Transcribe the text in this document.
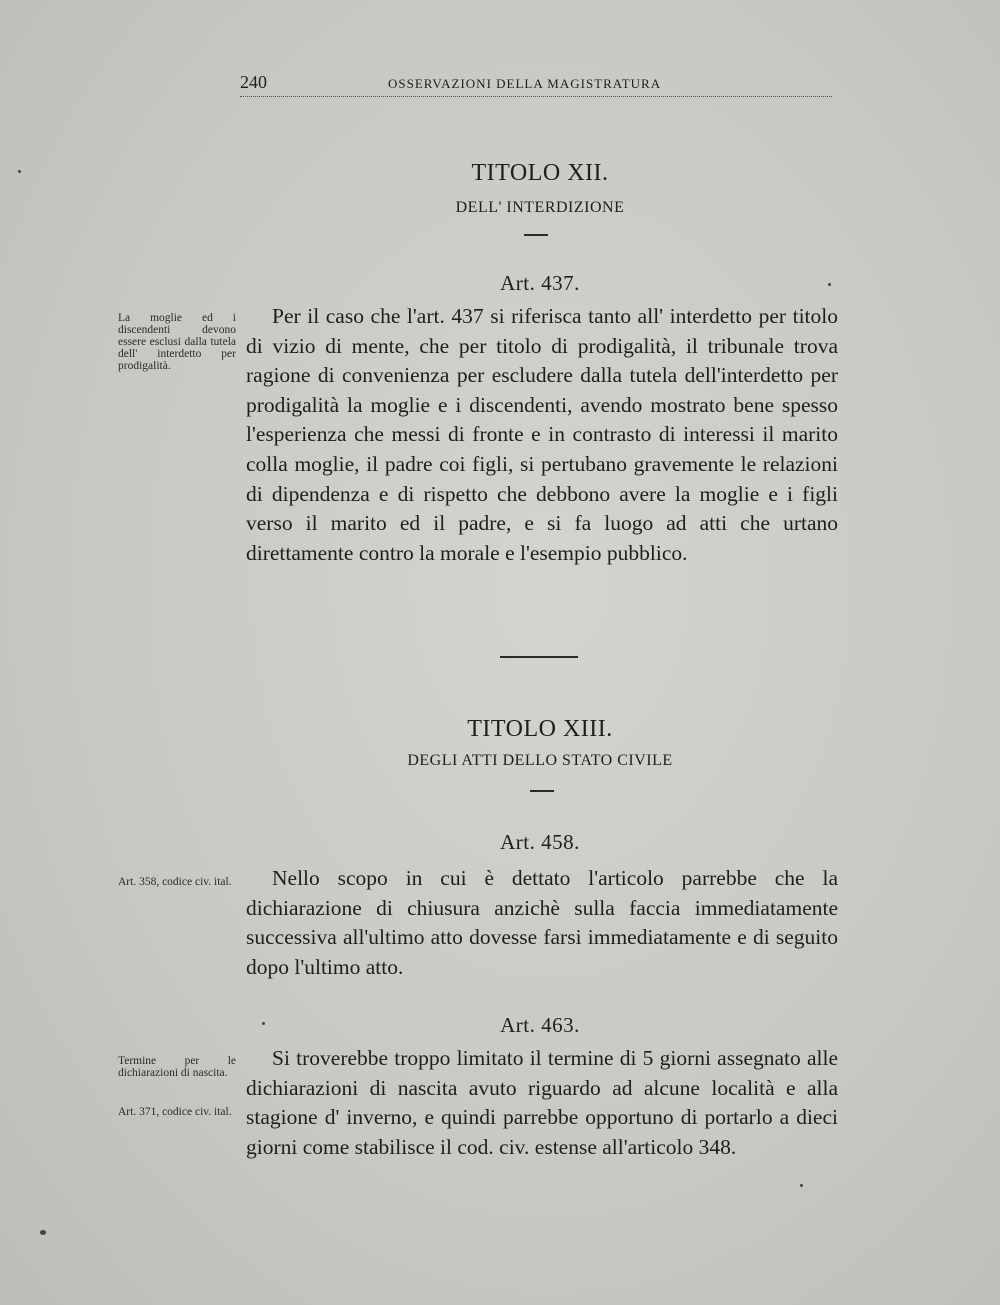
240	OSSERVAZIONI DELLA MAGISTRATURA
TITOLO XII.
DELL' INTERDIZIONE
Art. 437.
La moglie ed i discendenti devono essere esclusi dalla tutela dell' interdetto per prodigalità.
Per il caso che l'art. 437 si riferisca tanto all' interdetto per titolo di vizio di mente, che per titolo di prodigalità, il tribunale trova ragione di convenienza per escludere dalla tutela dell'interdetto per prodigalità la moglie e i discendenti, avendo mostrato bene spesso l'esperienza che messi di fronte e in contrasto di interessi il marito colla moglie, il padre coi figli, si pertubano gravemente le relazioni di dipendenza e di rispetto che debbono avere la moglie e i figli verso il marito ed il padre, e si fa luogo ad atti che urtano direttamente contro la morale e l'esempio pubblico.
TITOLO XIII.
DEGLI ATTI DELLO STATO CIVILE
Art. 458.
Art. 358, codice civ. ital.	Nello scopo in cui è dettato l'articolo parrebbe che la dichiarazione di chiusura anzichè sulla faccia immediatamente successiva all'ultimo atto dovesse farsi immediatamente e di seguito dopo l'ultimo atto.
Art. 463.
Termine per le dichiarazioni di nascita.
Art. 371, codice civ. ital.
Si troverebbe troppo limitato il termine di 5 giorni assegnato alle dichiarazioni di nascita avuto riguardo ad alcune località e alla stagione d' inverno, e quindi parrebbe opportuno di portarlo a dieci giorni come stabilisce il cod. civ. estense all'articolo 348.
